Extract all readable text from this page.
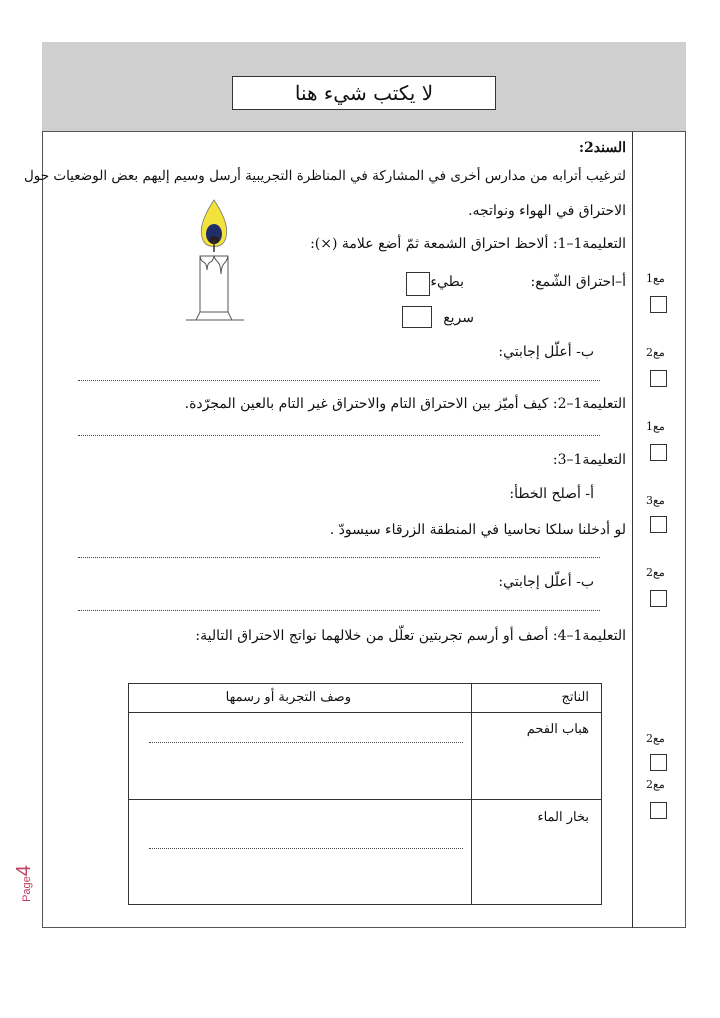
لا يكتب شيء هنا
السند2:
لترغيب أترابه من مدارس أخرى في المشاركة في المناظرة التجريبية أرسل وسيم إليهم بعض الوضعيات حول
الاحتراق في الهواء ونواتجه.
التعليمة1–1: ألاحظ احتراق الشمعة ثمّ أضع علامة (×):
أ–احتراق الشّمع:
بطيء
سريع
ب- أعلّل إجابتي:
التعليمة1–2: كيف أميّز بين الاحتراق التام والاحتراق غير التام بالعين المجرّدة.
التعليمة1–3:
أ- أصلح الخطأ:
لو أدخلنا سلكا نحاسيا في المنطقة الزرقاء سيسودّ .
ب- أعلّل إجابتي:
التعليمة1–4: أصف أو أرسم تجربتين تعلّل من خلالهما نواتج الاحتراق التالية:
الناتج
وصف التجربة أو رسمها
هباب الفحم
بخار الماء
مع1
مع2
مع1
مع3
مع2
مع2
مع2
Page4
